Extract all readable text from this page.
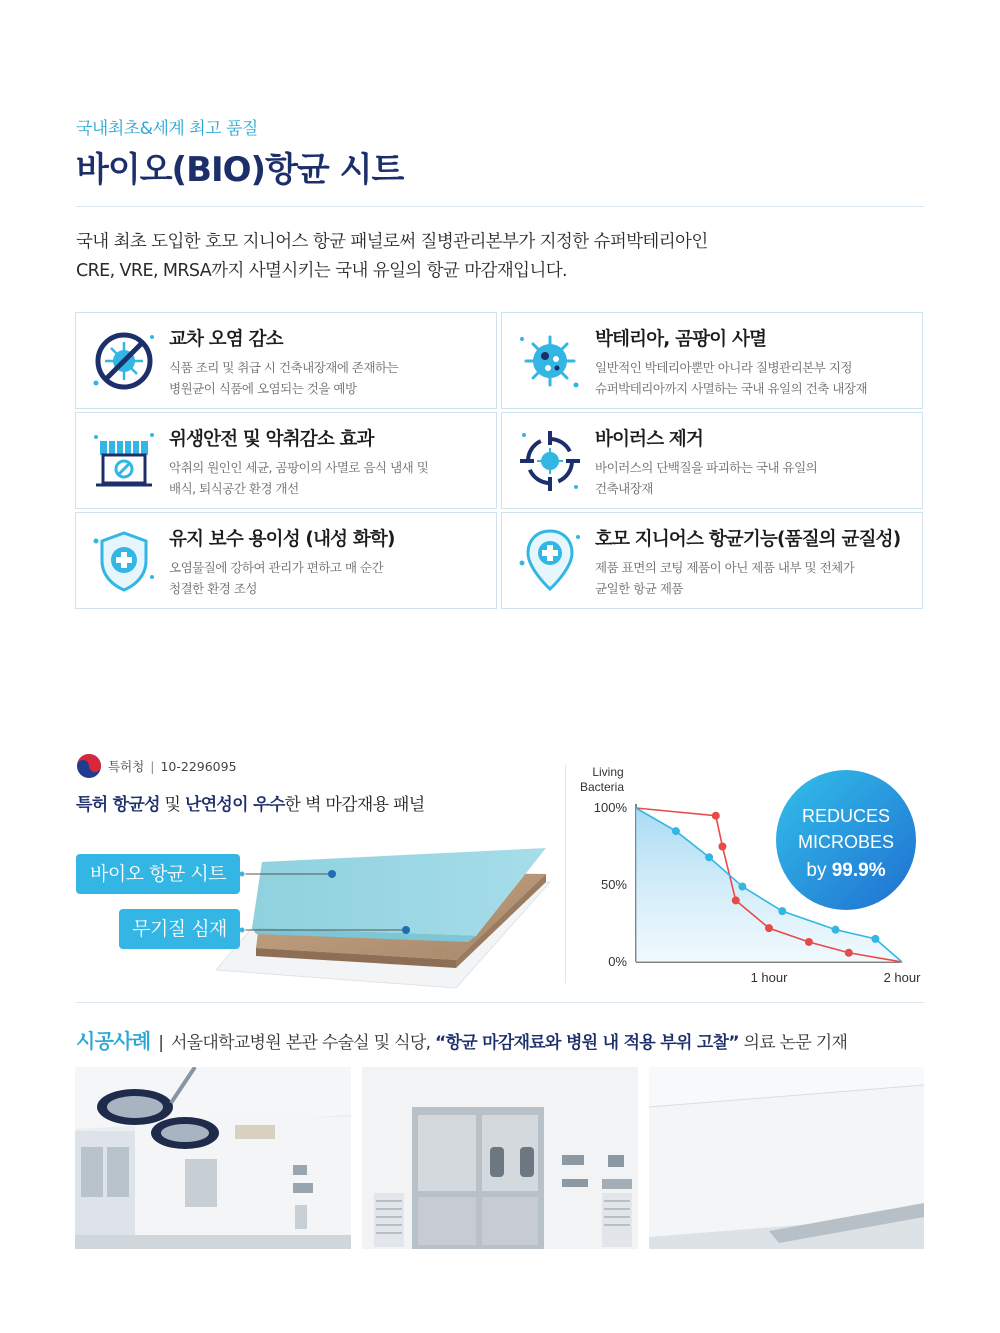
국내최초&세계 최고 품질
바이오(BIO)항균 시트
국내 최초 도입한 호모 지니어스 항균 패널로써 질병관리본부가 지정한 슈퍼박테리아인
CRE, VRE, MRSA까지 사멸시키는 국내 유일의 항균 마감재입니다.
교차 오염 감소
식품 조리 및 취급 시 건축내장재에 존재하는
병원균이 식품에 오염되는 것을 예방
박테리아, 곰팡이 사멸
일반적인 박테리아뿐만 아니라 질병관리본부 지정
슈퍼박테리아까지 사멸하는 국내 유일의 건축 내장재
위생안전 및 악취감소 효과
악취의 원인인 세균, 곰팡이의 사멸로 음식 냄새 및
배식, 퇴식공간 환경 개선
바이러스 제거
바이러스의 단백질을 파괴하는 국내 유일의
건축내장재
유지 보수 용이성 (내성 화학)
오염물질에 강하여 관리가 편하고 매 순간
청결한 환경 조성
호모 지니어스 항균기능(품질의 균질성)
제품 표면의 코팅 제품이 아닌 제품 내부 및 전체가
균일한 항균 제품
특허청 | 10-2296095
특허 항균성 및 난연성이 우수한 벽 마감재용 패널
바이오 항균 시트
무기질 심재
Living
Bacteria
100%
50%
0%
1 hour	2 hour
REDUCES
MICROBES
by 99.9%
시공사례 | 서울대학교병원 본관 수술실 및 식당, “항균 마감재료와 병원 내 적용 부위 고찰” 의료 논문 기재
